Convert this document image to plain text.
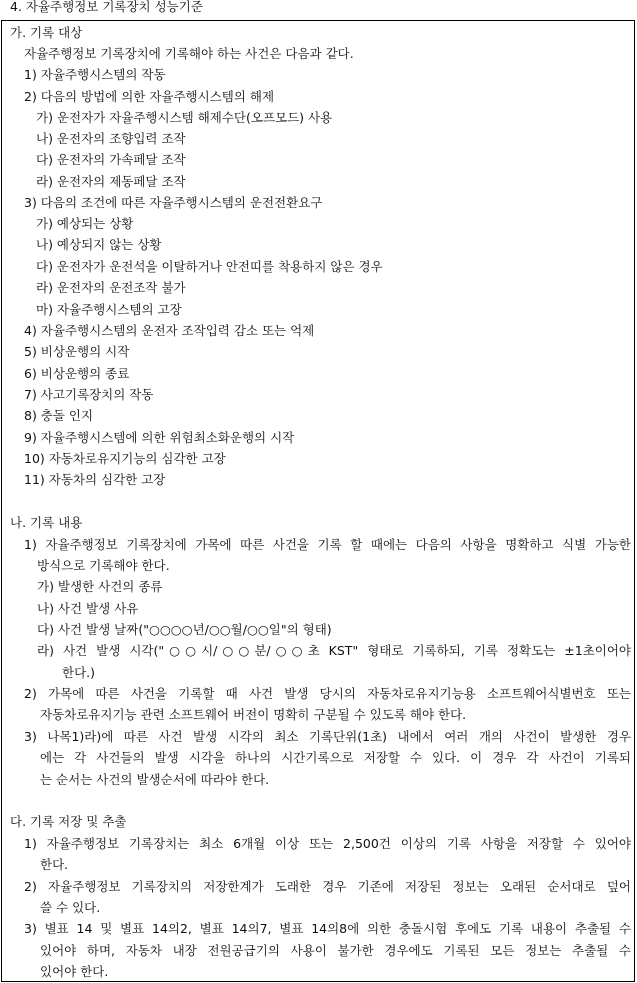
4. 자율주행정보 기록장치 성능기준
가. 기록 대상
자율주행정보 기록장치에 기록해야 하는 사건은 다음과 같다.
1) 자율주행시스템의 작동
2) 다음의 방법에 의한 자율주행시스템의 해제
가) 운전자가 자율주행시스템 해제수단(오프모드) 사용
나) 운전자의 조향입력 조작
다) 운전자의 가속페달 조작
라) 운전자의 제동페달 조작
3) 다음의 조건에 따른 자율주행시스템의 운전전환요구
가) 예상되는 상황
나) 예상되지 않는 상황
다) 운전자가 운전석을 이탈하거나 안전띠를 착용하지 않은 경우
라) 운전자의 운전조작 불가
마) 자율주행시스템의 고장
4) 자율주행시스템의 운전자 조작입력 감소 또는 억제
5) 비상운행의 시작
6) 비상운행의 종료
7) 사고기록장치의 작동
8) 충돌 인지
9) 자율주행시스템에 의한 위험최소화운행의 시작
10) 자동차로유지기능의 심각한 고장
11) 자동차의 심각한 고장
나. 기록 내용
1) 자율주행정보 기록장치에 가목에 따른 사건을 기록 할 때에는 다음의 사항을 명확하고 식별 가능한
방식으로 기록해야 한다.
가) 발생한 사건의 종류
나) 사건 발생 사유
다) 사건 발생 날짜("○○○○년/○○월/○○일"의 형태)
라) 사건 발생 시각("○○시/○○분/○○초 KST" 형태로 기록하되, 기록 정확도는 ±1초이어야
한다.)
2) 가목에 따른 사건을 기록할 때 사건 발생 당시의 자동차로유지기능용 소프트웨어식별번호 또는
자동차로유지기능 관련 소프트웨어 버전이 명확히 구분될 수 있도록 해야 한다.
3) 나목1)라)에 따른 사건 발생 시각의 최소 기록단위(1초) 내에서 여러 개의 사건이 발생한 경우
에는 각 사건들의 발생 시각을 하나의 시간기록으로 저장할 수 있다. 이 경우 각 사건이 기록되
는 순서는 사건의 발생순서에 따라야 한다.
다. 기록 저장 및 추출
1) 자율주행정보 기록장치는 최소 6개월 이상 또는 2,500건 이상의 기록 사항을 저장할 수 있어야
한다.
2) 자율주행정보 기록장치의 저장한계가 도래한 경우 기존에 저장된 정보는 오래된 순서대로 덮어
쓸 수 있다.
3) 별표 14 및 별표 14의2, 별표 14의7, 별표 14의8에 의한 충돌시험 후에도 기록 내용이 추출될 수
있어야 하며, 자동차 내장 전원공급기의 사용이 불가한 경우에도 기록된 모든 정보는 추출될 수
있어야 한다.
